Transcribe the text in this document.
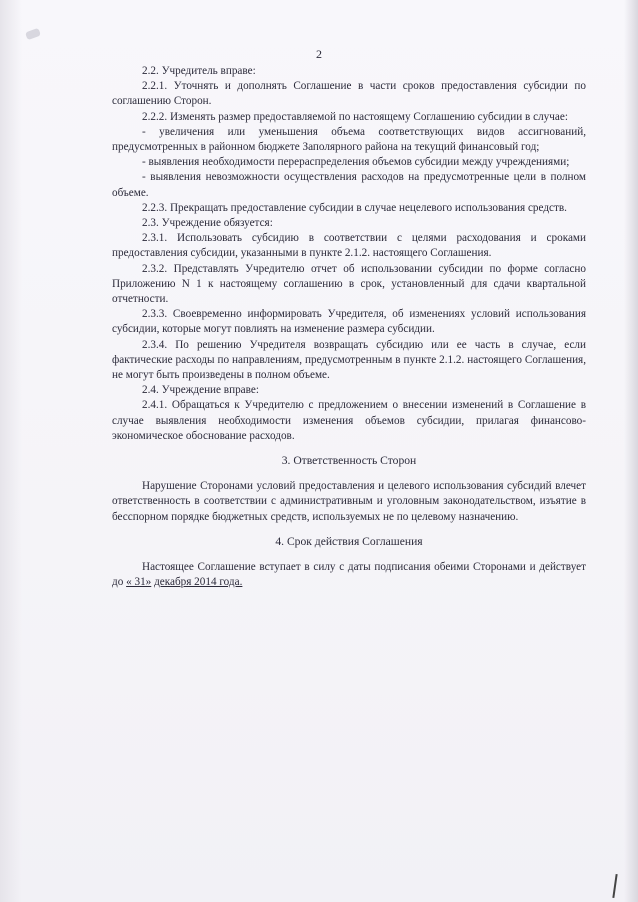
2

2.2. Учредитель вправе:

2.2.1. Уточнять и дополнять Соглашение в части сроков предоставления субсидии по соглашению Сторон.

2.2.2. Изменять размер предоставляемой по настоящему Соглашению субсидии в случае:

- увеличения или уменьшения объема соответствующих видов ассигнований, предусмотренных в районном бюджете Заполярного района на текущий финансовый год;

- выявления необходимости перераспределения объемов субсидии между учреждениями;

- выявления невозможности осуществления расходов на предусмотренные цели в полном объеме.

2.2.3. Прекращать предоставление субсидии в случае нецелевого использования средств.

2.3. Учреждение обязуется:

2.3.1. Использовать субсидию в соответствии с целями расходования и сроками предоставления субсидии, указанными в пункте 2.1.2. настоящего Соглашения.

2.3.2. Представлять Учредителю отчет об использовании субсидии по форме согласно Приложению N 1 к настоящему соглашению в срок, установленный для сдачи квартальной отчетности.

2.3.3. Своевременно информировать Учредителя, об изменениях условий использования субсидии, которые могут повлиять на изменение размера субсидии.

2.3.4. По решению Учредителя возвращать субсидию или ее часть в случае, если фактические расходы по направлениям, предусмотренным в пункте 2.1.2. настоящего Соглашения, не могут быть произведены в полном объеме.

2.4. Учреждение вправе:

2.4.1. Обращаться к Учредителю с предложением о внесении изменений в Соглашение в случае выявления необходимости изменения объемов субсидии, прилагая финансово-экономическое обоснование расходов.

3. Ответственность Сторон

Нарушение Сторонами условий предоставления и целевого использования субсидий влечет ответственность в соответствии с административным и уголовным законодательством, изъятие в бесспорном порядке бюджетных средств, используемых не по целевому назначению.

4. Срок действия Соглашения

Настоящее Соглашение вступает в силу с даты подписания обеими Сторонами и действует до « 31» декабря 2014 года.
